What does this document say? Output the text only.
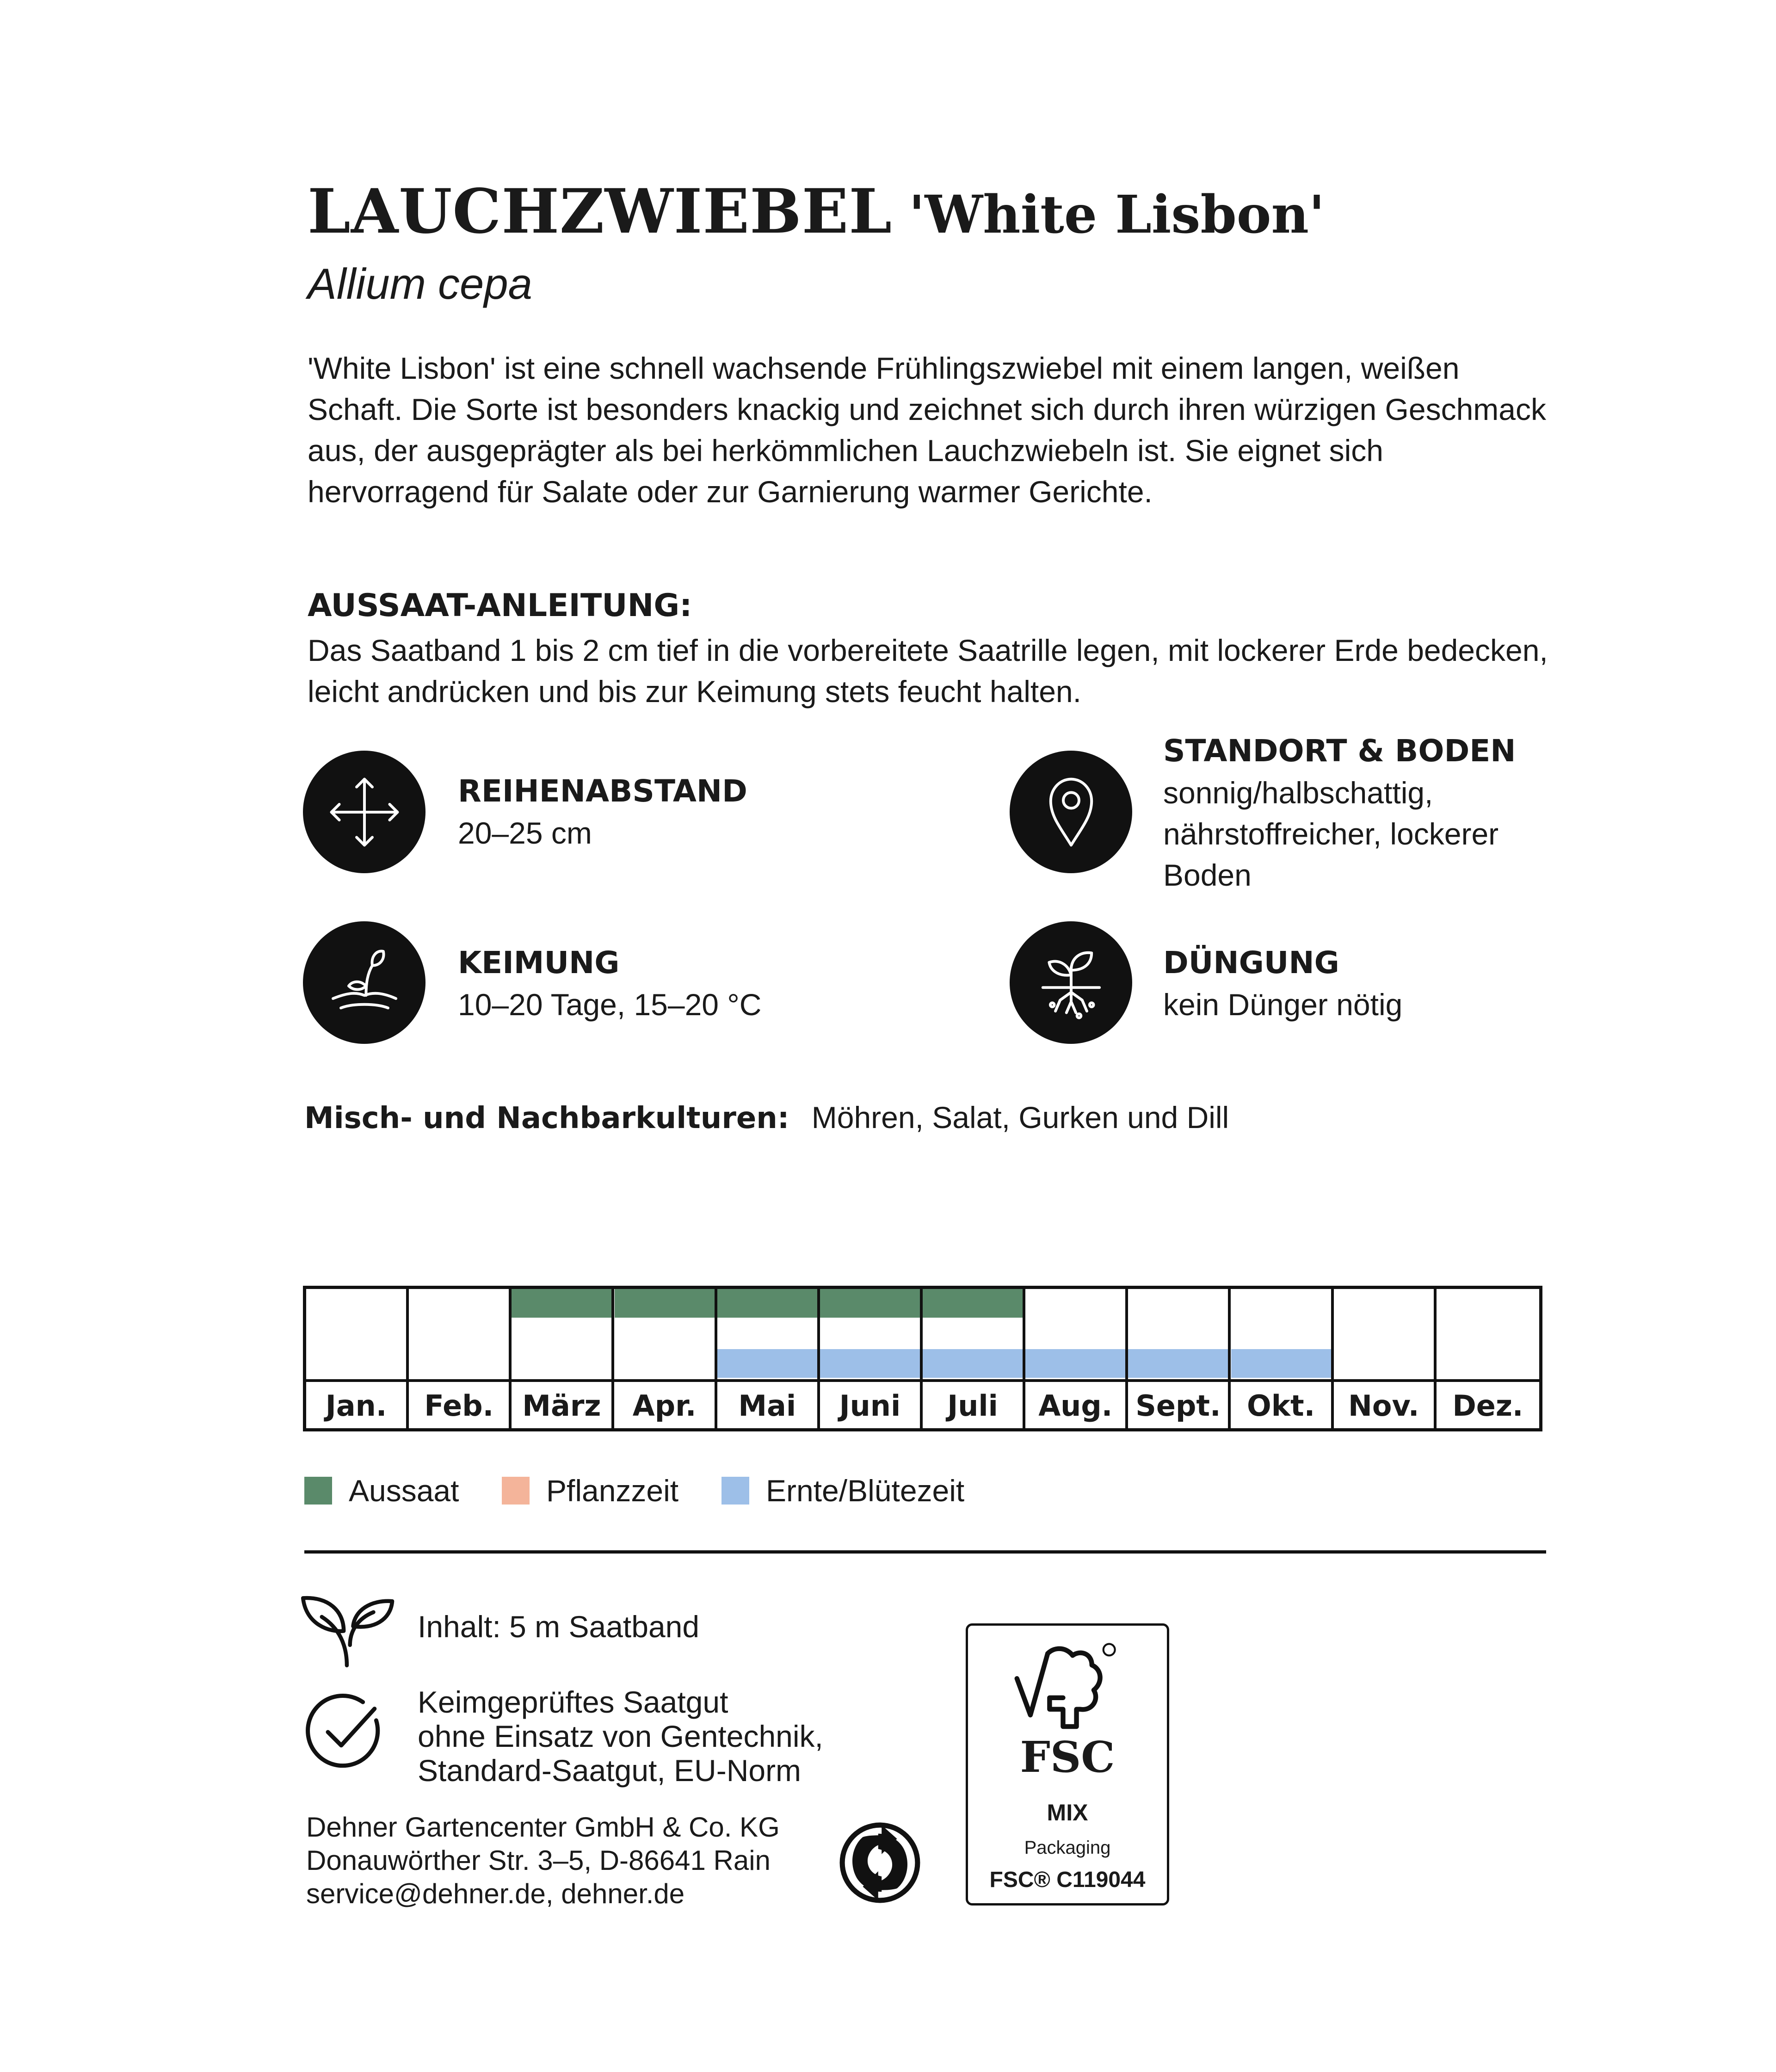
LAUCHZWIEBEL 'White Lisbon'
Allium cepa
'White Lisbon' ist eine schnell wachsende Frühlingszwiebel mit einem langen, weißen Schaft. Die Sorte ist besonders knackig und zeichnet sich durch ihren würzigen Geschmack aus, der ausgeprägter als bei herkömmlichen Lauchzwiebeln ist. Sie eignet sich hervorragend für Salate oder zur Garnierung warmer Gerichte.
AUSSAAT-ANLEITUNG:
Das Saatband 1 bis 2 cm tief in die vorbereitete Saatrille legen, mit lockerer Erde bedecken, leicht andrücken und bis zur Keimung stets feucht halten.
REIHENABSTAND
20–25 cm
STANDORT & BODEN
sonnig/halbschattig, nährstoffreicher, lockerer Boden
KEIMUNG
10–20 Tage, 15–20 °C
DÜNGUNG
kein Dünger nötig
Misch- und Nachbarkulturen: Möhren, Salat, Gurken und Dill
Jan.	Feb.	März	Apr.	Mai	Juni	Juli	Aug. Sept. Okt.	Nov.	Dez.
Aussaat	Pflanzzeit	Ernte/Blütezeit
Inhalt: 5 m Saatband
Keimgeprüftes Saatgut
ohne Einsatz von Gentechnik,
Standard-Saatgut, EU-Norm
Dehner Gartencenter GmbH & Co. KG
Donauwörther Str. 3–5, D-86641 Rain
service@dehner.de, dehner.de
FSC
MIX
Packaging
FSC® C119044
